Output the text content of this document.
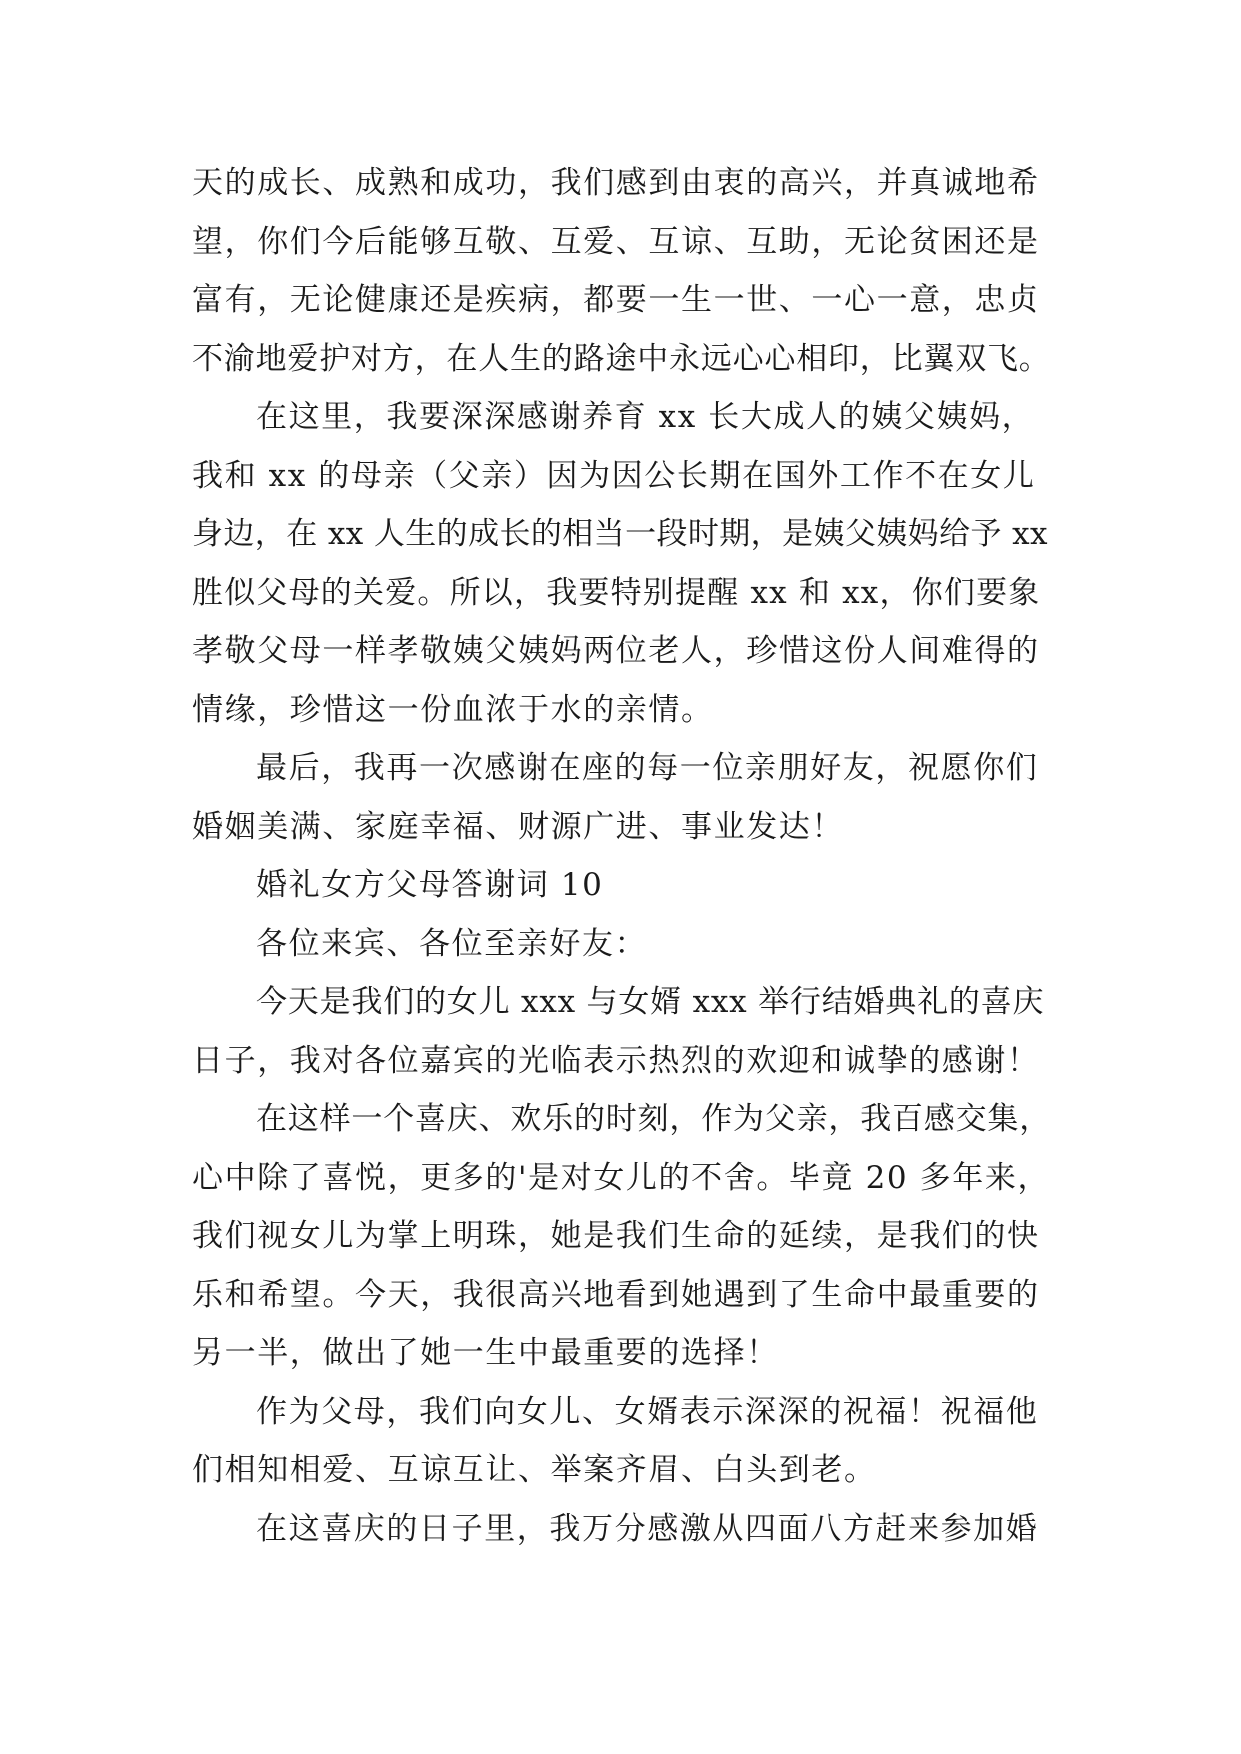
天的成长、成熟和成功，我们感到由衷的高兴，并真诚地希
望，你们今后能够互敬、互爱、互谅、互助，无论贫困还是
富有，无论健康还是疾病，都要一生一世、一心一意，忠贞
不渝地爱护对方，在人生的路途中永远心心相印，比翼双飞。
在这里，我要深深感谢养育 xx 长大成人的姨父姨妈，
我和 xx 的母亲（父亲）因为因公长期在国外工作不在女儿
身边，在 xx 人生的成长的相当一段时期，是姨父姨妈给予 xx
胜似父母的关爱。所以，我要特别提醒 xx 和 xx，你们要象
孝敬父母一样孝敬姨父姨妈两位老人，珍惜这份人间难得的
情缘，珍惜这一份血浓于水的亲情。
最后，我再一次感谢在座的每一位亲朋好友，祝愿你们
婚姻美满、家庭幸福、财源广进、事业发达！
婚礼女方父母答谢词 10
各位来宾、各位至亲好友：
今天是我们的女儿 xxx 与女婿 xxx 举行结婚典礼的喜庆
日子，我对各位嘉宾的光临表示热烈的欢迎和诚挚的感谢！
在这样一个喜庆、欢乐的时刻，作为父亲，我百感交集，
心中除了喜悦，更多的'是对女儿的不舍。毕竟 20 多年来，
我们视女儿为掌上明珠，她是我们生命的延续，是我们的快
乐和希望。今天，我很高兴地看到她遇到了生命中最重要的
另一半，做出了她一生中最重要的选择！
作为父母，我们向女儿、女婿表示深深的祝福！祝福他
们相知相爱、互谅互让、举案齐眉、白头到老。
在这喜庆的日子里，我万分感激从四面八方赶来参加婚
